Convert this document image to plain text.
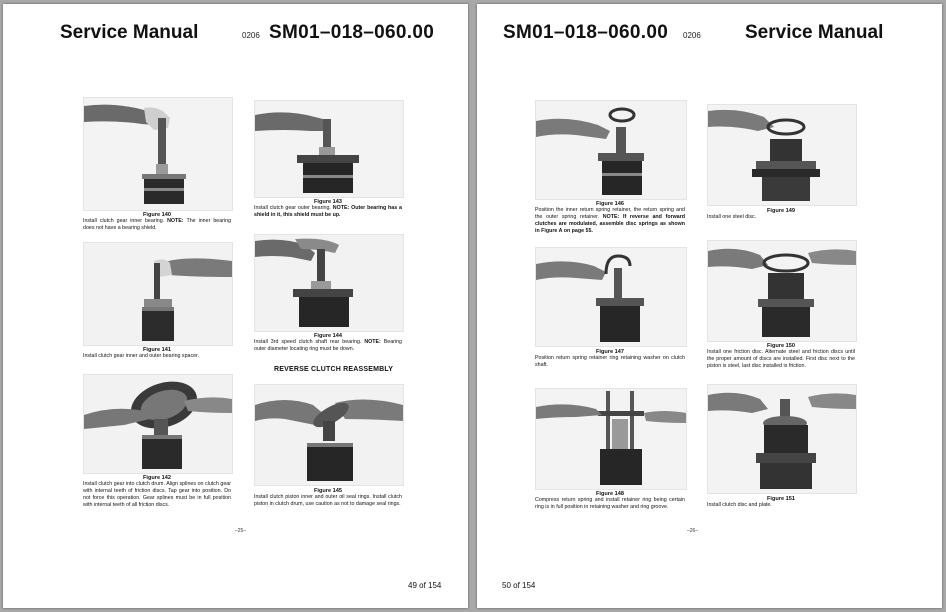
Service Manual	0206 SM01–018–060.00
Figure 140
Install clutch gear inner bearing. NOTE: The inner bearing does not have a bearing shield.
Figure 141
Install clutch gear inner and outer bearing spacer.
Figure 142
Install clutch gear into clutch drum. Align splines on clutch gear with internal teeth of friction discs. Tap gear into position. Do not force this operation. Gear splines must be in full position with internal teeth of all friction discs.
Figure 143
Install clutch gear outer bearing. NOTE: Outer bearing has a shield in it, this shield must be up.
Figure 144
Install 3rd speed clutch shaft rear bearing. NOTE: Bearing outer diameter locating ring must be down.
REVERSE CLUTCH REASSEMBLY
Figure 145
Install clutch piston inner and outer oil seal rings. Install clutch piston in clutch drum, use caution as not to damage seal rings.
–25–
49 of 154
SM01–018–060.00 0206 Service Manual
Figure 146
Position the inner return spring retainer, the return spring and the outer spring retainer. NOTE: If reverse and forward clutches are modulated, assemble disc springs as shown in Figure A on page 55.
Figure 147
Position return spring retainer ring retaining washer on clutch shaft.
Figure 148
Compress return spring and install retainer ring being certain ring is in full position in retaining washer and ring groove.
Figure 149
Install one steel disc.
Figure 150
Install one friction disc. Alternate steel and friction discs until the proper amount of discs are installed. First disc next to the piston is steel, last disc installed is friction.
Figure 151
Install clutch disc and plate.
–26–
50 of 154
